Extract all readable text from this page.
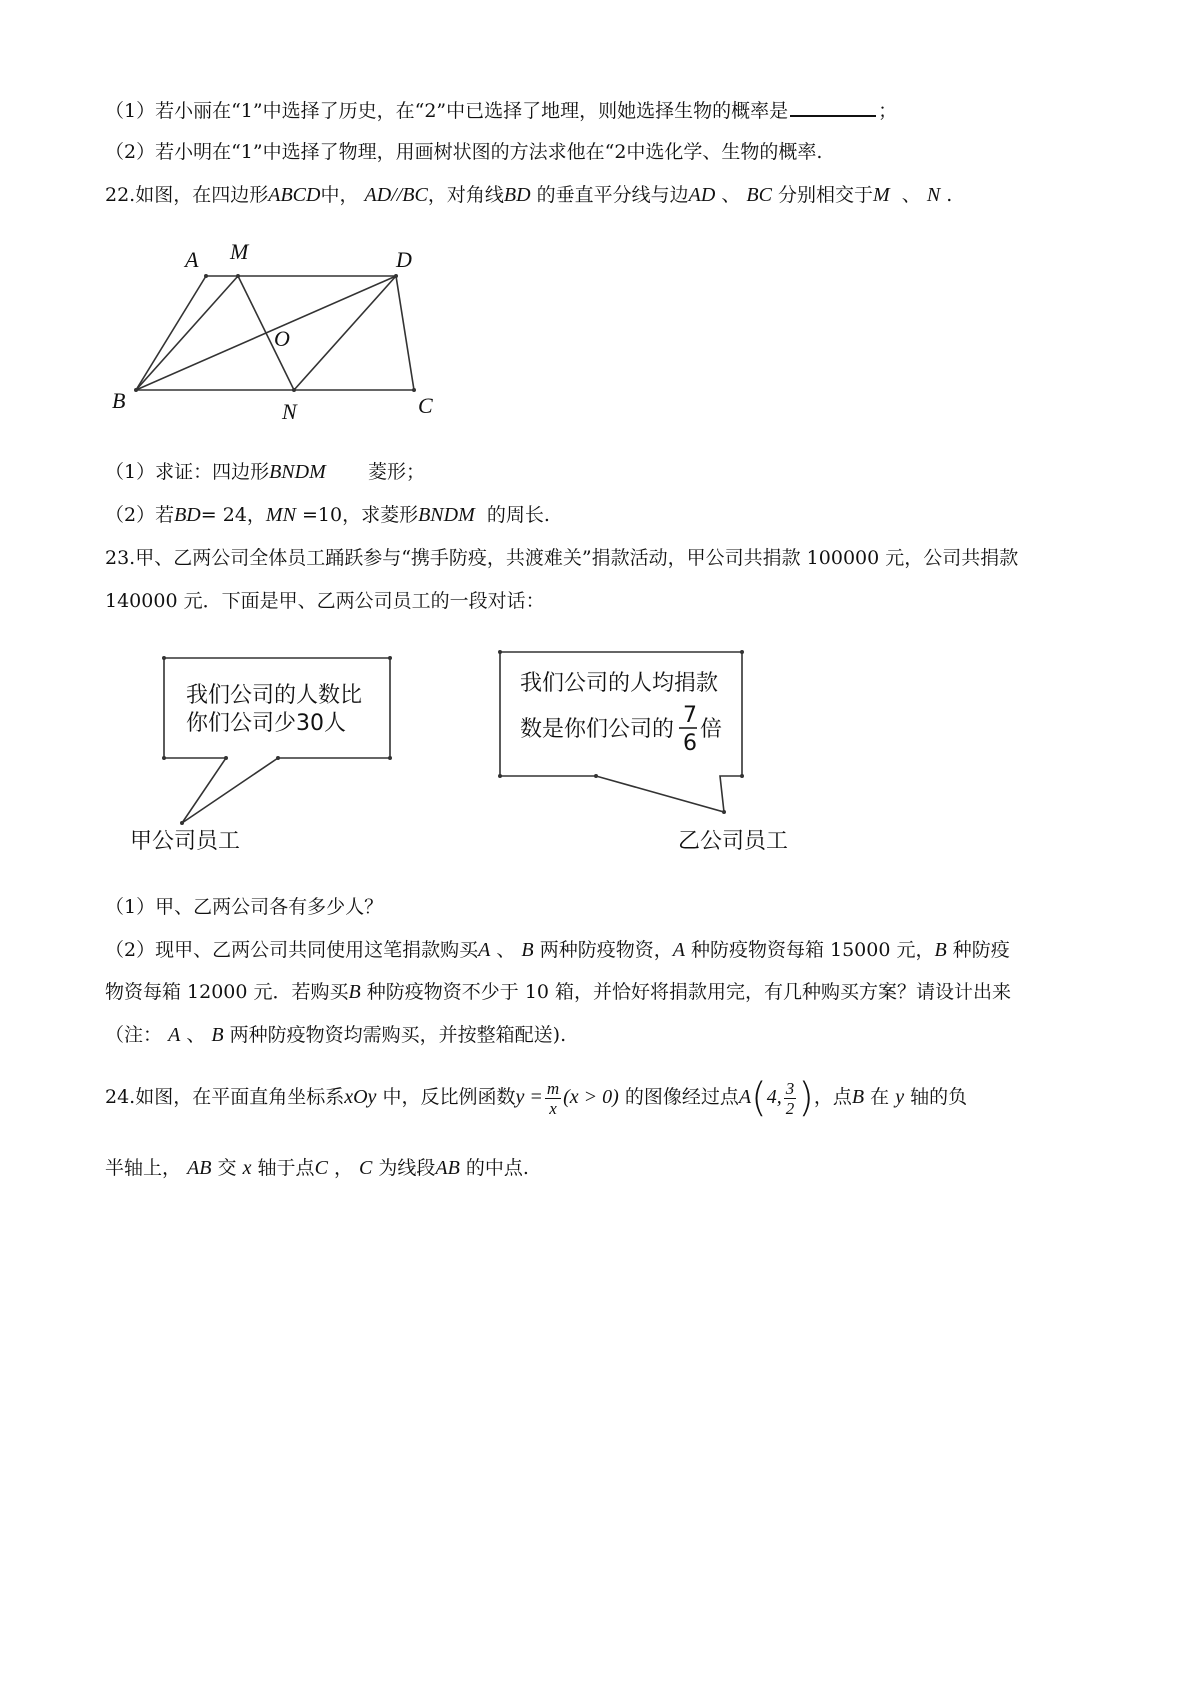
（1）若小丽在“1”中选择了历史，在“2”中已选择了地理，则她选择生物的概率是	；
（2）若小明在“1”中选择了物理，用画树状图的方法求他在“2中选化学、生物的概率.
22.如图，在四边形ABCD中， AD//BC，对角线BD 的垂直平分线与边AD 、 BC 分别相交于M 、 N .
A M	D
O
B	N	C
（1）求证：四边形BNDM 菱形；
（2）若BD= 24，MN =10，求菱形BNDM 的周长.
23.甲、乙两公司全体员工踊跃参与“携手防疫，共渡难关”捐款活动，甲公司共捐款 100000 元，公司共捐款
140000 元．下面是甲、乙两公司员工的一段对话：
我们公司的人数比
你们公司少30人
我们公司的人均捐款
数是你们公司的
7
6
倍
甲公司员工	乙公司员工
（1）甲、乙两公司各有多少人？
（2）现甲、乙两公司共同使用这笔捐款购买A 、 B 两种防疫物资，A 种防疫物资每箱 15000 元，B 种防疫
物资每箱 12000 元．若购买B 种防疫物资不少于 10 箱，并恰好将捐款用完，有几种购买方案？请设计出来
（注： A 、 B 两种防疫物资均需购买，并按整箱配送).
24.如图，在平面直角坐标系xOy 中，反比例函数$y = \frac{m}{x} (x > 0)$ 的图像经过点A(4, $\frac{3}{2}$ )，点B 在 y 轴的负
半轴上， AB 交 x 轴于点C ， C 为线段AB 的中点.
